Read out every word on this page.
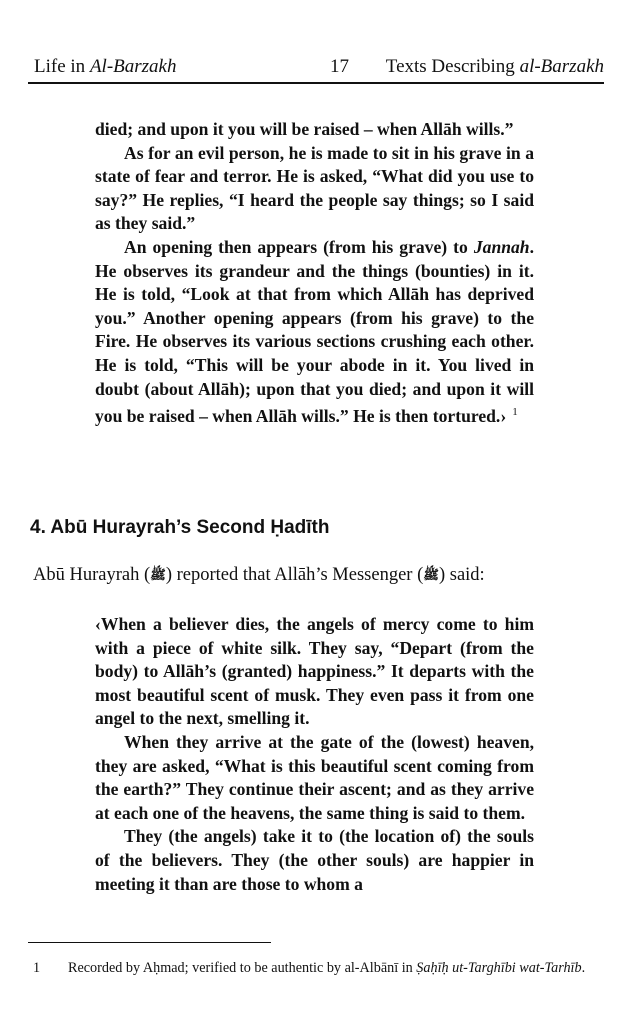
Life in Al-Barzakh	17 Texts Describing al-Barzakh

died; and upon it you will be raised – when Allāh wills.”

As for an evil person, he is made to sit in his grave in a state of fear and terror. He is asked, “What did you use to say?” He replies, “I heard the people say things; so I said as they said.”

An opening then appears (from his grave) to Jannah. He observes its grandeur and the things (bounties) in it. He is told, “Look at that from which Allāh has deprived you.” Another opening appears (from his grave) to the Fire. He observes its various sections crushing each other. He is told, “This will be your abode in it. You lived in doubt (about Allāh); upon that you died; and upon it will you be raised – when Allāh wills.” He is then tortured.› $^1$

4. Abū Hurayrah’s Second Ḥadīth
Abū Hurayrah (ﷺ) reported that Allāh’s Messenger (ﷺ) said:

‹When a believer dies, the angels of mercy come to him with a piece of white silk. They say, “Depart (from the body) to Allāh’s (granted) happiness.” It departs with the most beautiful scent of musk. They even pass it from one angel to the next, smelling it.

When they arrive at the gate of the (lowest) heaven, they are asked, “What is this beautiful scent coming from the earth?” They continue their ascent; and as they arrive at each one of the heavens, the same thing is said to them.

They (the angels) take it to (the location of) the souls of the believers. They (the other souls) are happier in meeting it than are those to whom a

1 Recorded by Aḥmad; verified to be authentic by al-Albānī in Ṣaḥīḥ ut-Targhībi wat-Tarhīb.
